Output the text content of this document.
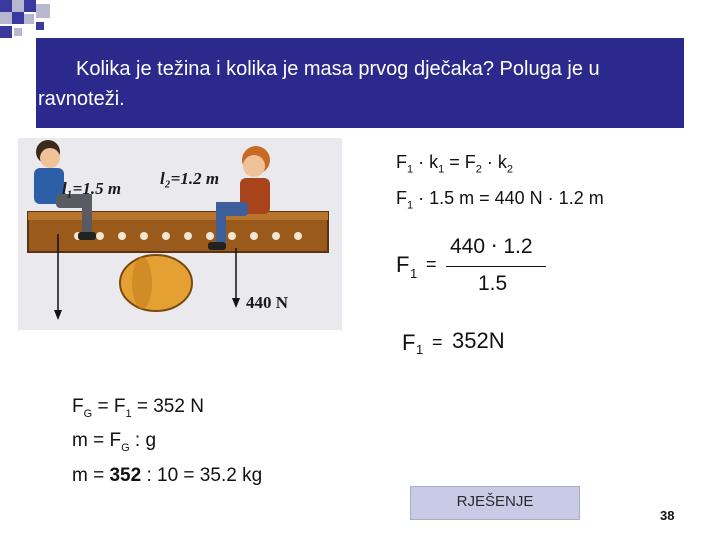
Kolika je težina i kolika je masa prvog dječaka? Poluga je u ravnoteži.
l₁=1.5 m
l₂=1.2 m
440 N
$F_1 \cdot k_1 = F_2 \cdot k_2$
$F_1 \cdot 1.5$ m = 440 N · 1.2 m
F 1 =
440 ⋅ 1.2
1.5
F 1 = 352N
$F_G = F_1 = 352$ N
$m = F_G$ : g
m = 352 : 10 = 35.2 kg
RJEŠENJE
38
